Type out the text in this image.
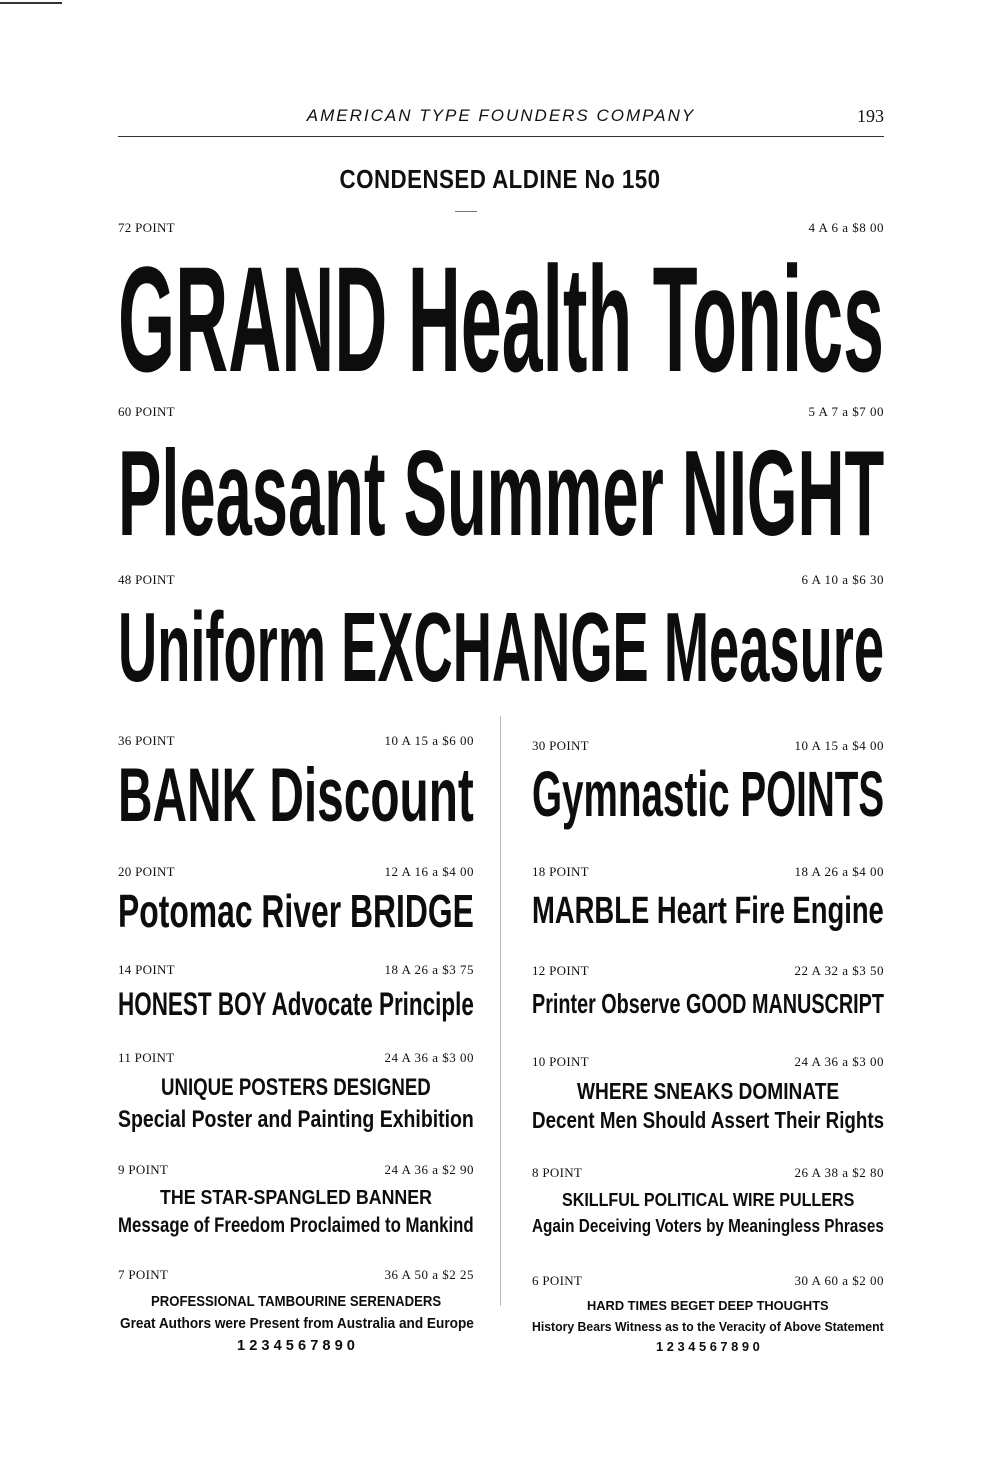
AMERICAN TYPE FOUNDERS COMPANY	193
CONDENSED ALDINE No 150
72 POINT	4 A 6 a $8 00
GRAND Health Tonics
60 POINT	5 A 7 a $7 00
Pleasant Summer NIGHT
48 POINT	6 A 10 a $6 30
Uniform EXCHANGE Measure
36 POINT	10 A 15 a $6 00
BANK Discount
20 POINT	12 A 16 a $4 00
Potomac River BRIDGE
14 POINT	18 A 26 a $3 75
HONEST BOY Advocate Principle
11 POINT	24 A 36 a $3 00
UNIQUE POSTERS DESIGNED
Special Poster and Painting Exhibition
9 POINT	24 A 36 a $2 90
THE STAR-SPANGLED BANNER
Message of Freedom Proclaimed to Mankind
7 POINT	36 A 50 a $2 25
PROFESSIONAL TAMBOURINE SERENADERS
Great Authors were Present from Australia and Europe
1 2 3 4 5 6 7 8 9 0
30 POINT	10 A 15 a $4 00
Gymnastic POINTS
18 POINT	18 A 26 a $4 00
MARBLE Heart Fire Engine
12 POINT	22 A 32 a $3 50
Printer Observe GOOD MANUSCRIPT
10 POINT	24 A 36 a $3 00
WHERE SNEAKS DOMINATE
Decent Men Should Assert Their Rights
8 POINT	26 A 38 a $2 80
SKILLFUL POLITICAL WIRE PULLERS
Again Deceiving Voters by Meaningless Phrases
6 POINT	30 A 60 a $2 00
HARD TIMES BEGET DEEP THOUGHTS
History Bears Witness as to the Veracity of Above Statement
1 2 3 4 5 6 7 8 9 0
